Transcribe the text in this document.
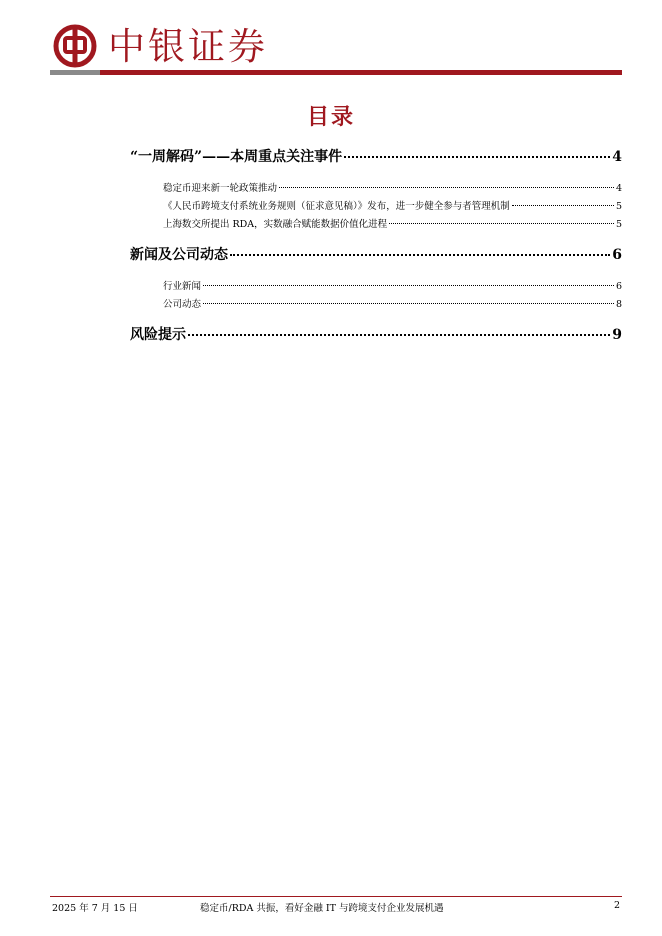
中银证券
目录
“一周解码”——本周重点关注事件	4
稳定币迎来新一轮政策推动	4
《人民币跨境支付系统业务规则（征求意见稿）》发布，进一步健全参与者管理机制	5
上海数交所提出 RDA，实数融合赋能数据价值化进程	5
新闻及公司动态	6
行业新闻	6
公司动态	8
风险提示	9
2025 年 7 月 15 日	稳定币/RDA 共振，看好金融 IT 与跨境支付企业发展机遇	2
